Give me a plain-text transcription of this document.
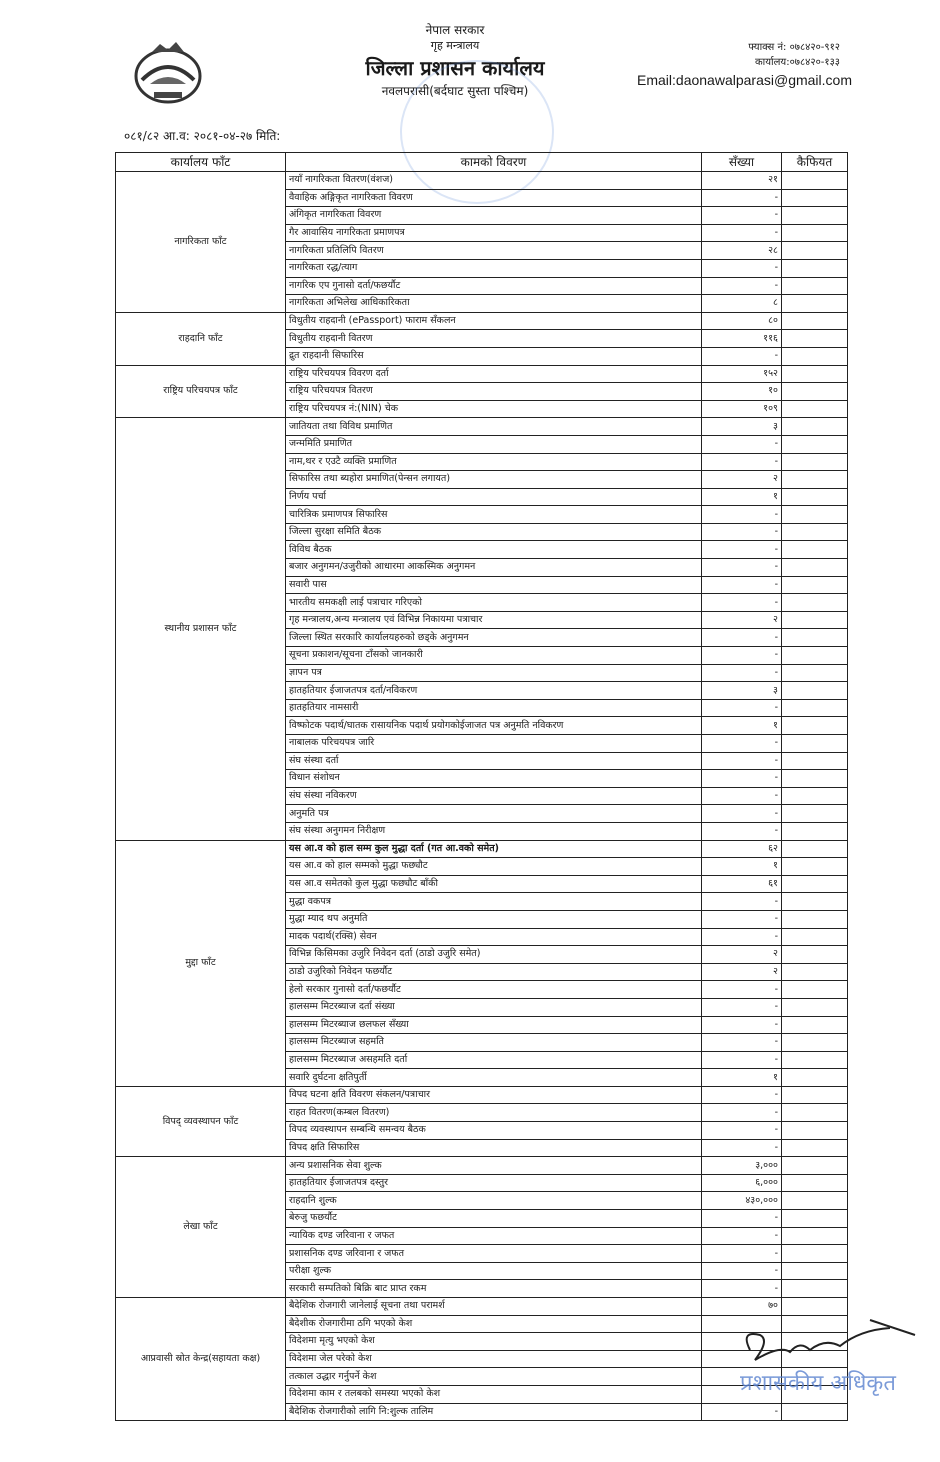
नेपाल सरकार
गृह मन्त्रालय
जिल्ला प्रशासन कार्यालय
नवलपरासी(बर्दघाट सुस्ता पश्चिम)
फ्याक्स नं: ०७८४२०-९१२
कार्यालय:०७८४२०-१३३
Email:daonawalparasi@gmail.com
०८१/८२ आ.व: २०८१-०४-२७ मिति:
कार्यालय फाँट	कामको विवरण	सँख्या	कैफियत
नागरिकता फाँट	नयाँ नागरिकता वितरण(वंशज)	२१	
	वैवाहिक अङ्गिकृत नागरिकता विवरण	-	
	अंगिकृत नागरिकता विवरण	-	
	गैर आवासिय नागरिकता प्रमाणपत्र	-	
	नागरिकता प्रतिलिपि वितरण	२८	
	नागरिकता रद्ध/त्याग	-	
	नागरिक एप गुनासो दर्ता/फछर्यौट	-	
	नागरिकता अभिलेख आधिकारिकता	८	
राहदानि फाँट	विधुतीय राहदानी (ePassport) फाराम सँकलन	८०	
	विधुतीय राहदानी वितरण	११६	
	द्रुत राहदानी सिफारिस	-	
राष्ट्रिय परिचयपत्र फाँट	राष्ट्रिय परिचयपत्र विवरण दर्ता	१५२	
	राष्ट्रिय परिचयपत्र वितरण	१०	
	राष्ट्रिय परिचयपत्र नं:(NIN) चेक	१०९	
स्थानीय प्रशासन फाँट	जातियता तथा विविध प्रमाणित	३	
	जन्ममिति प्रमाणित	-	
	नाम,थर र एउटै व्यक्ति प्रमाणित	-	
	सिफारिस तथा ब्यहोरा प्रमाणित(पेन्सन लगायत)	२	
	निर्णय पर्चा	१	
	चारित्रिक प्रमाणपत्र सिफारिस	-	
	जिल्ला सुरक्षा समिति बैठक	-	
	विविध बैठक	-	
	बजार अनुगमन/उजुरीको आधारमा आकस्मिक अनुगमन	-	
	सवारी पास	-	
	भारतीय समकक्षी लाई पत्राचार गरिएको	-	
	गृह मन्त्रालय,अन्य मन्त्रालय एवं विभिन्न निकायमा पत्राचार	२	
	जिल्ला स्थित सरकारि कार्यालयहरुको छड्के अनुगमन	-	
	सूचना प्रकाशन/सूचना टाँसको जानकारी	-	
	ज्ञापन पत्र	-	
	हातहतियार ईजाजतपत्र दर्ता/नविकरण	३	
	हातहतियार नामसारी	-	
	विष्फोटक पदार्थ/घातक रासायनिक पदार्थ प्रयोगकोईजाजत पत्र अनुमति नविकरण	१	
	नाबालक परिचयपत्र जारि	-	
	संघ संस्था दर्ता	-	
	विधान संशोधन	-	
	संघ संस्था नविकरण	-	
	अनुमति पत्र	-	
	संघ संस्था अनुगमन निरीक्षण	-	
मुद्दा फाँट	यस आ.व को हाल सम्म कुल मुद्धा दर्ता (गत आ.वको समेत)	६२	
	यस आ.व को हाल सम्मको मुद्धा फछ्यौट	१	
	यस आ.व समेतको कुल मुद्धा फछ्यौट बाँकी	६१	
	मुद्धा वकपत्र	-	
	मुद्धा म्याद थप अनुमति	-	
	मादक पदार्थ(रक्सि) सेवन	-	
	विभिन्न किसिमका उजुरि निवेदन दर्ता (ठाडो उजुरि समेत)	२	
	ठाडो उजुरिको निवेदन फछर्यौट	२	
	हेलो सरकार गुनासो दर्ता/फछर्यौट	-	
	हालसम्म मिटरब्याज दर्ता संख्या	-	
	हालसम्म मिटरब्याज छलफल सँख्या	-	
	हालसम्म मिटरब्याज सहमति	-	
	हालसम्म मिटरब्याज असहमति दर्ता	-	
	सवारि दुर्घटना क्षतिपुर्ती	१	
विपद् व्यवस्थापन फाँट	विपद घटना क्षति विवरण संकलन/पत्राचार	-	
	राहत वितरण(कम्बल वितरण)	-	
	विपद व्यवस्थापन सम्बन्धि समन्वय बैठक	-	
	विपद क्षति सिफारिस	-	
लेखा फाँट	अन्य प्रशासनिक सेवा शुल्क	३,०००	
	हातहतियार ईजाजतपत्र दस्तुर	६,०००	
	राहदानि शुल्क	४३०,०००	
	बेरुजु फछर्यौट	-	
	न्यायिक दण्ड जरिवाना र जफत	-	
	प्रशासनिक दण्ड जरिवाना र जफत	-	
	परीक्षा शुल्क	-	
	सरकारी सम्पतिको बिक्रि बाट प्राप्त रकम	-	
आप्रवासी स्रोत केन्द्र(सहायता कक्ष)	बैदेशिक रोजगारी जानेलाई सूचना तथा परामर्श	७०	
	बैदेशीक रोजगारीमा ठगि भएको केश		
	विदेशमा मृत्यु भएको केश		
	विदेशमा जेल परेको केश		
	तत्काल उद्धार गर्नुपर्ने केश		
	विदेशमा काम र तलबको समस्या भएको केश		
	बैदेशिक रोजगारीको लागि नि:शुल्क तालिम	-	
प्रशासकीय अधिकृत
